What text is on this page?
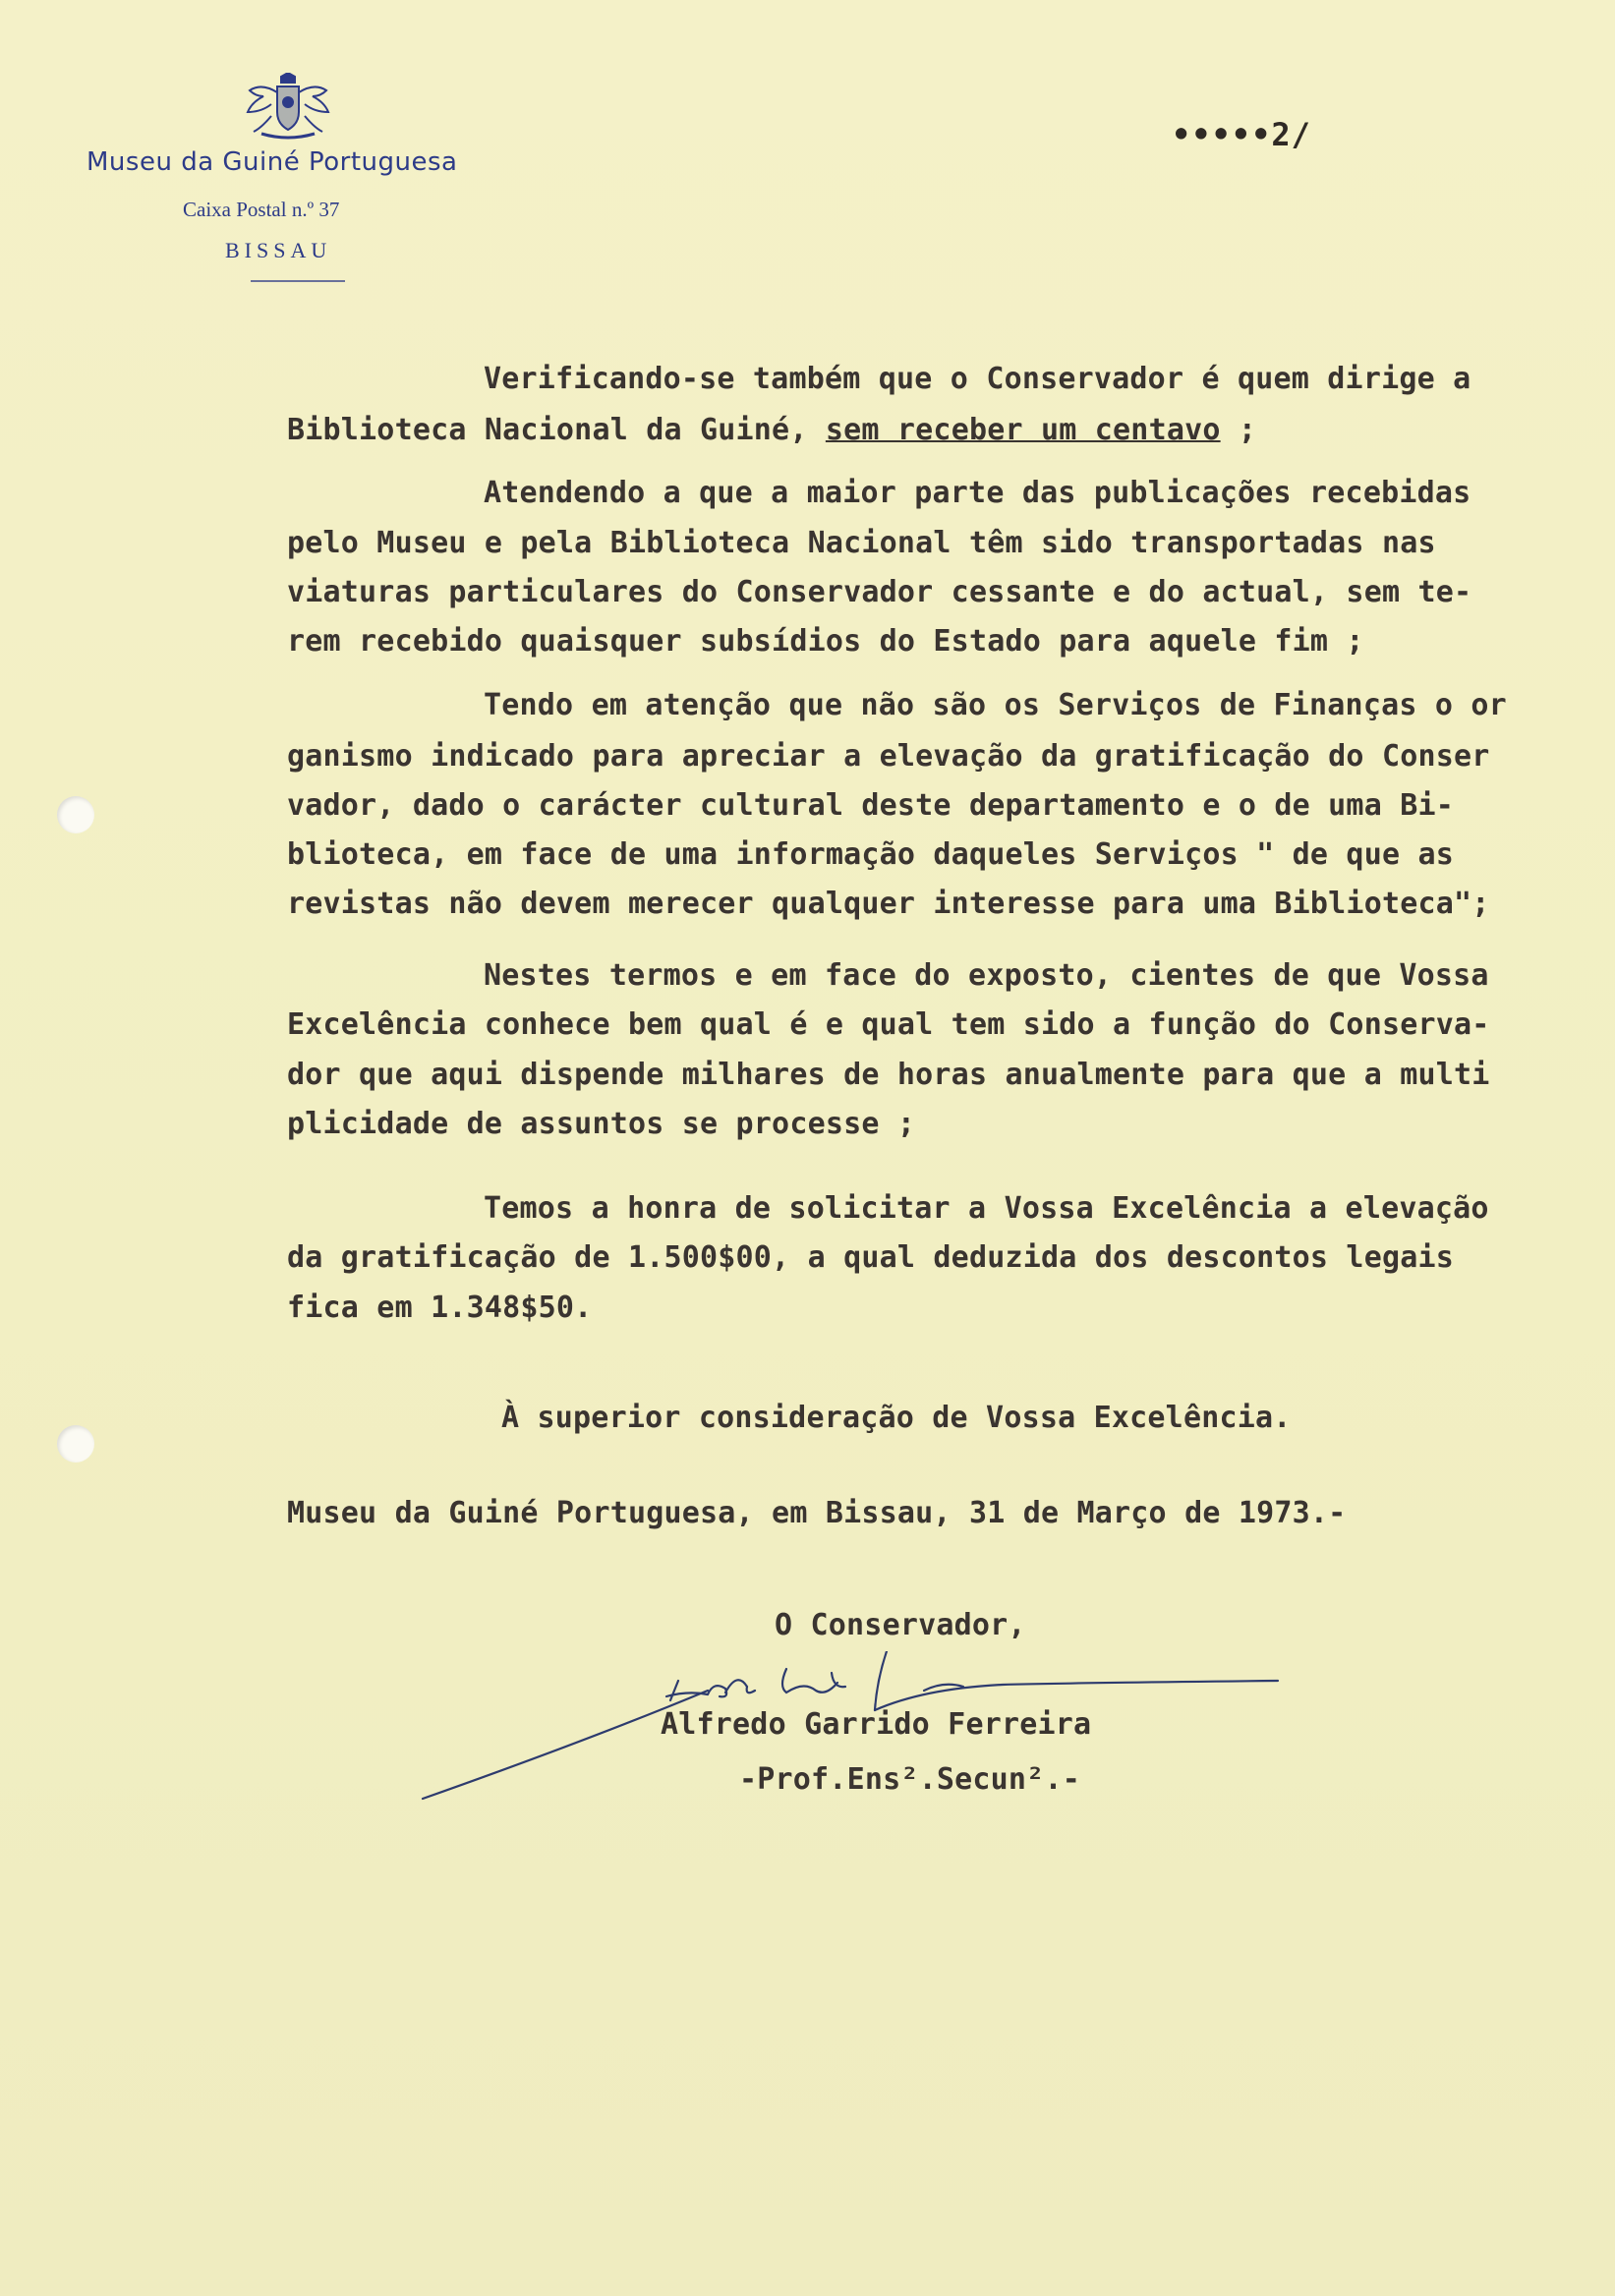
Museu da Guiné Portuguesa
Caixa Postal n.º 37
BISSAU
•••••2/
Verificando-se também que o Conservador é quem dirige a
Biblioteca Nacional da Guiné, sem receber um centavo ;
Atendendo a que a maior parte das publicações recebidas
pelo Museu e pela Biblioteca Nacional têm sido transportadas nas
viaturas particulares do Conservador cessante e do actual, sem te-
rem recebido quaisquer subsídios do Estado para aquele fim ;
Tendo em atenção que não são os Serviços de Finanças o or
ganismo indicado para apreciar a elevação da gratificação do Conser
vador, dado o carácter cultural deste departamento e o de uma Bi-
blioteca, em face de uma informação daqueles Serviços " de que as
revistas não devem merecer qualquer interesse para uma Biblioteca";
Nestes termos e em face do exposto, cientes de que Vossa
Excelência conhece bem qual é e qual tem sido a função do Conserva-
dor que aqui dispende milhares de horas anualmente para que a multi
plicidade de assuntos se processe ;
Temos a honra de solicitar a Vossa Excelência a elevação
da gratificação de 1.500$00, a qual deduzida dos descontos legais
fica em 1.348$50.
À superior consideração de Vossa Excelência.
Museu da Guiné Portuguesa, em Bissau, 31 de Março de 1973.-
O Conservador,
Alfredo Garrido Ferreira
-Prof.Ens².Secun².-
